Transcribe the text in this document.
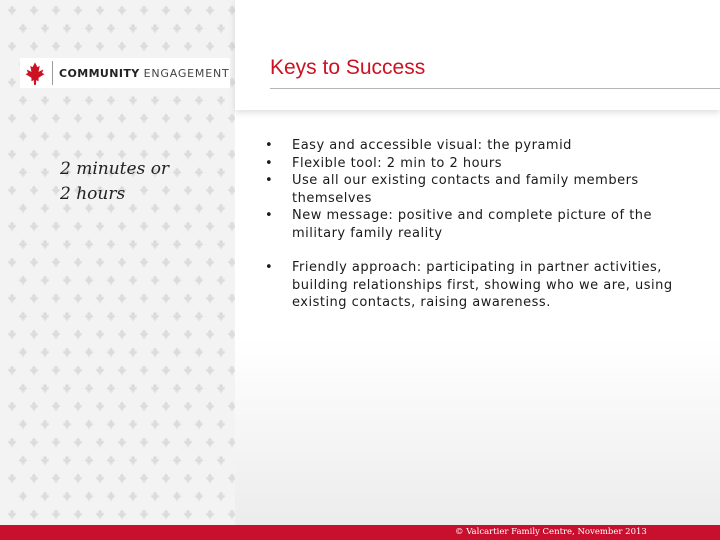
COMMUNITY ENGAGEMENT
2 minutes or
2 hours
Keys to Success
• Easy and accessible visual: the pyramid
• Flexible tool: 2 min to 2 hours
• Use all our existing contacts and family members themselves
• New message: positive and complete picture of the military family reality
• Friendly approach: participating in partner activities, building relationships first, showing who we are, using existing contacts, raising awareness.
© Valcartier Family Centre, November 2013
